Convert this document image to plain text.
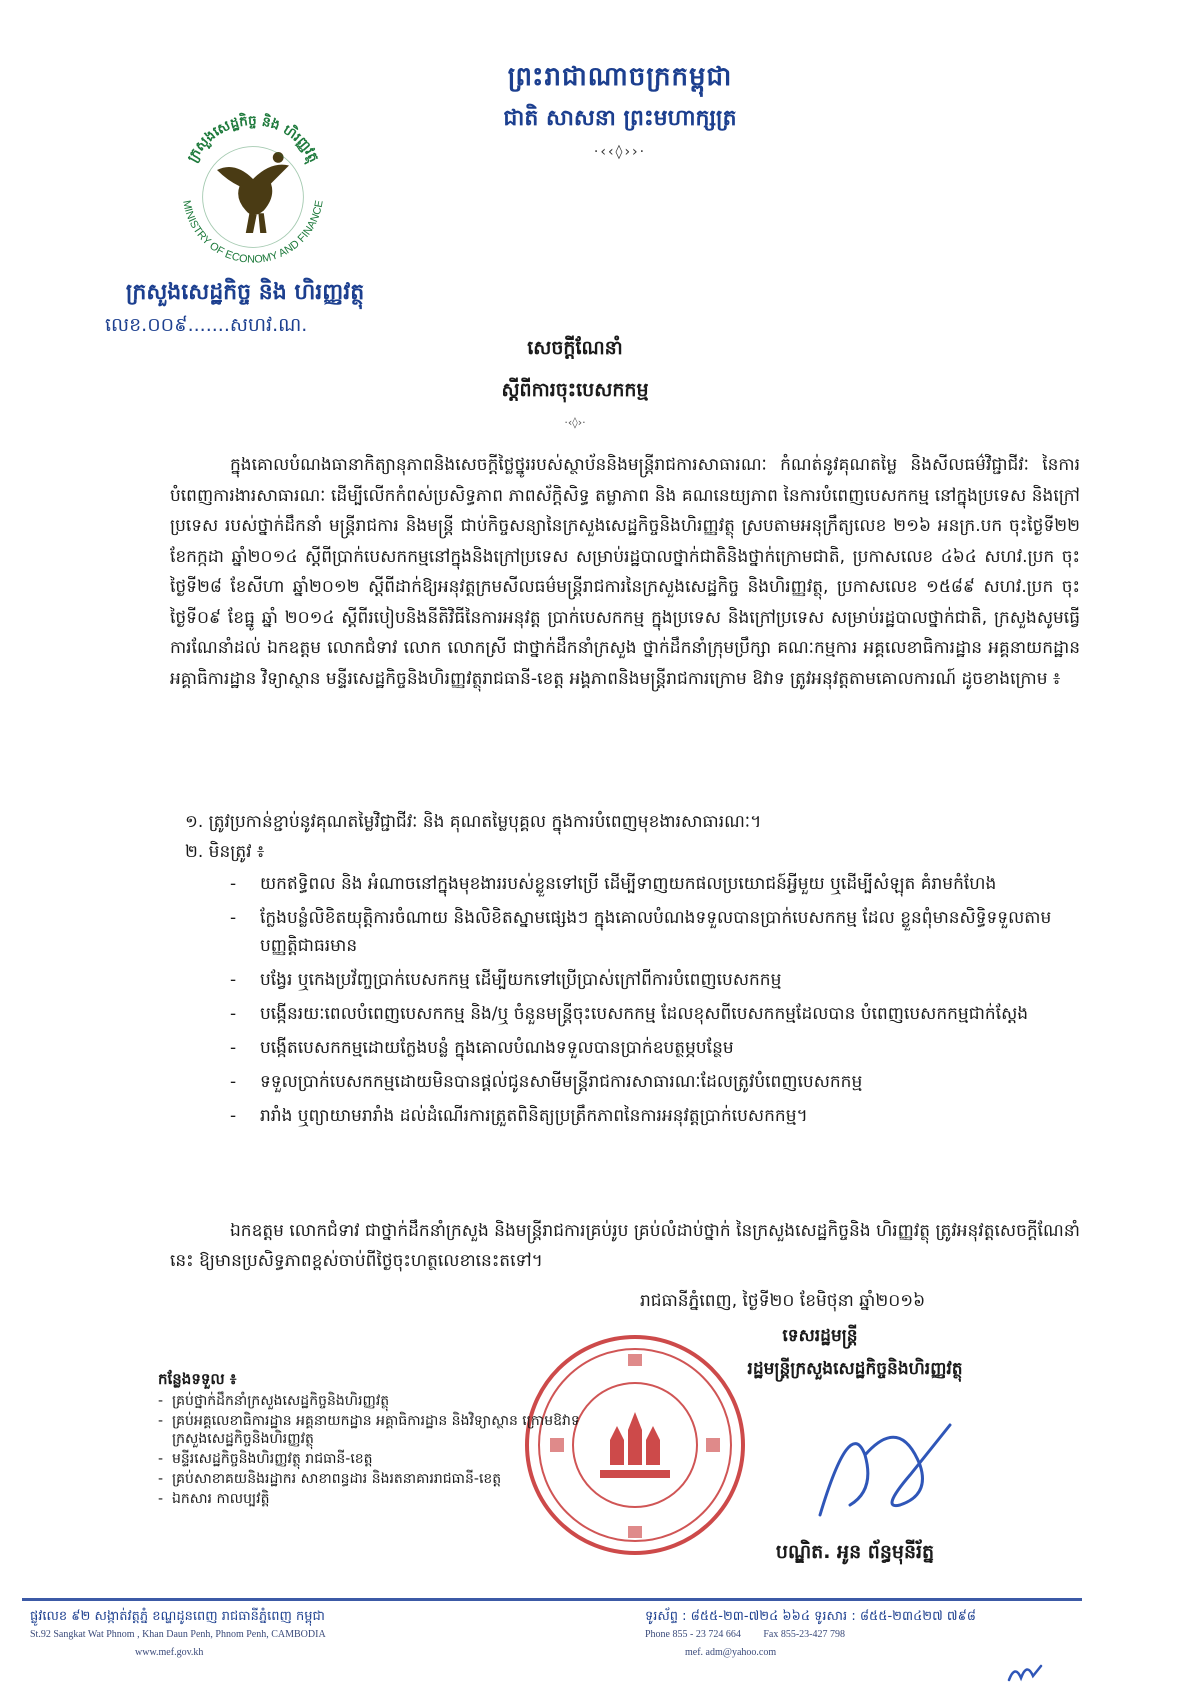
ក្រសួងសេដ្ឋកិច្ច និង ហិរញ្ញវត្ថុ
MINISTRY OF ECONOMY AND FINANCE
ក្រសួងសេដ្ឋកិច្ច និង ហិរញ្ញវត្ថុ
លេខ.០០៩.......សហវ.ណ.
ព្រះរាជាណាចក្រកម្ពុជា
ជាតិ សាសនា ព្រះមហាក្សត្រ
·‹‹◊››·
សេចក្តីណែនាំ
ស្តីពីការចុះបេសកកម្ម
·‹◊›·
ក្នុងគោលបំណងធានាកិត្យានុភាពនិងសេចក្តីថ្លៃថ្នូររបស់ស្ថាប័ននិងមន្ត្រីរាជការសាធារណៈ កំណត់នូវគុណតម្លៃ និងសីលធម៌វិជ្ជាជីវៈ នៃការបំពេញការងារសាធារណៈ ដើម្បីលើកកំពស់ប្រសិទ្ធភាព ភាពស័ក្តិសិទ្ធ តម្លាភាព និង គណនេយ្យភាព នៃការបំពេញបេសកកម្ម នៅក្នុងប្រទេស និងក្រៅប្រទេស របស់ថ្នាក់ដឹកនាំ មន្ត្រីរាជការ និងមន្ត្រី ជាប់កិច្ចសន្យានៃក្រសួងសេដ្ឋកិច្ចនិងហិរញ្ញវត្ថុ ស្របតាមអនុក្រឹត្យលេខ ២១៦ អនក្រ.បក ចុះថ្ងៃទី២២ ខែកក្កដា ឆ្នាំ២០១៤ ស្តីពីប្រាក់បេសកកម្មនៅក្នុងនិងក្រៅប្រទេស សម្រាប់រដ្ឋបាលថ្នាក់ជាតិនិងថ្នាក់ក្រោមជាតិ, ប្រកាសលេខ ៤៦៤ សហវ.ប្រក ចុះថ្ងៃទី២៨ ខែសីហា ឆ្នាំ២០១២ ស្តីពីដាក់ឱ្យអនុវត្តក្រមសីលធម៌មន្ត្រីរាជការនៃក្រសួងសេដ្ឋកិច្ច និងហិរញ្ញវត្ថុ, ប្រកាសលេខ ១៥៨៩ សហវ.ប្រក ចុះថ្ងៃទី០៩ ខែធ្នូ ឆ្នាំ ២០១៤ ស្តីពីរបៀបនិងនីតិវិធីនៃការអនុវត្ត ប្រាក់បេសកកម្ម ក្នុងប្រទេស និងក្រៅប្រទេស សម្រាប់រដ្ឋបាលថ្នាក់ជាតិ, ក្រសួងសូមធ្វើការណែនាំដល់ ឯកឧត្តម លោកជំទាវ លោក លោកស្រី ជាថ្នាក់ដឹកនាំក្រសួង ថ្នាក់ដឹកនាំក្រុមប្រឹក្សា គណៈកម្មការ អគ្គលេខាធិការដ្ឋាន អគ្គនាយកដ្ឋាន អគ្គាធិការដ្ឋាន វិទ្យាស្ថាន មន្ទីរសេដ្ឋកិច្ចនិងហិរញ្ញវត្ថុរាជធានី-ខេត្ត អង្គភាពនិងមន្ត្រីរាជការក្រោម ឱវាទ ត្រូវអនុវត្តតាមគោលការណ៍ ដូចខាងក្រោម ៖
១. ត្រូវប្រកាន់ខ្ជាប់នូវគុណតម្លៃវិជ្ជាជីវៈ និង គុណតម្លៃបុគ្គល ក្នុងការបំពេញមុខងារសាធារណៈ។
២. មិនត្រូវ ៖
- យកឥទ្ធិពល និង អំណាចនៅក្នុងមុខងាររបស់ខ្លួនទៅប្រើ ដើម្បីទាញយកផលប្រយោជន៍អ្វីមួយ ឬដើម្បីសំឡុត គំរាមកំហែង
- ក្លែងបន្លំលិខិតយុត្តិការចំណាយ និងលិខិតស្នាមផ្សេងៗ ក្នុងគោលបំណងទទួលបានប្រាក់បេសកកម្ម ដែល ខ្លួនពុំមានសិទ្ធិទទួលតាមបញ្ញត្តិជាធរមាន
- បង្វែរ ឬកេងប្រវ័ញ្ចប្រាក់បេសកកម្ម ដើម្បីយកទៅប្រើប្រាស់ក្រៅពីការបំពេញបេសកកម្ម
- បង្កើនរយៈពេលបំពេញបេសកកម្ម និង/ឬ ចំនួនមន្ត្រីចុះបេសកកម្ម ដែលខុសពីបេសកកម្មដែលបាន បំពេញបេសកកម្មជាក់ស្តែង
- បង្កើតបេសកកម្មដោយក្លែងបន្លំ ក្នុងគោលបំណងទទួលបានប្រាក់ឧបត្ថម្ភបន្ថែម
- ទទួលប្រាក់បេសកកម្មដោយមិនបានផ្តល់ជូនសាមីមន្ត្រីរាជការសាធារណៈដែលត្រូវបំពេញបេសកកម្ម
- រារាំង ឬព្យាយាមរារាំង ដល់ដំណើរការត្រួតពិនិត្យប្រត្រឹកភាពនៃការអនុវត្តប្រាក់បេសកកម្ម។
ឯកឧត្តម លោកជំទាវ ជាថ្នាក់ដឹកនាំក្រសួង និងមន្ត្រីរាជការគ្រប់រូប គ្រប់លំដាប់ថ្នាក់ នៃក្រសួងសេដ្ឋកិច្ចនិង ហិរញ្ញវត្ថុ ត្រូវអនុវត្តសេចក្តីណែនាំនេះ ឱ្យមានប្រសិទ្ធភាពខ្ពស់ចាប់ពីថ្ងៃចុះហត្ថលេខានេះតទៅ។
រាជធានីភ្នំពេញ, ថ្ងៃទី២០ ខែមិថុនា ឆ្នាំ២០១៦
ទេសរដ្ឋមន្ត្រី
រដ្ឋមន្ត្រីក្រសួងសេដ្ឋកិច្ចនិងហិរញ្ញវត្ថុ
បណ្ឌិត. អូន ព័ន្ធមុនីរ័ត្ន
កន្លែងទទួល ៖
- គ្រប់ថ្នាក់ដឹកនាំក្រសួងសេដ្ឋកិច្ចនិងហិរញ្ញវត្ថុ
- គ្រប់អគ្គលេខាធិការដ្ឋាន អគ្គនាយកដ្ឋាន អគ្គាធិការដ្ឋាន និងវិទ្យាស្ថាន ក្រោមឱវាទក្រសួងសេដ្ឋកិច្ចនិងហិរញ្ញវត្ថុ
- មន្ទីរសេដ្ឋកិច្ចនិងហិរញ្ញវត្ថុ រាជធានី-ខេត្ត
- គ្រប់សាខាគយនិងរដ្ឋាករ សាខាពន្ធដារ និងរតនាគាររាជធានី-ខេត្ត
- ឯកសារ កាលប្បវត្តិ
ផ្លូវលេខ ៩២ សង្កាត់វត្តភ្នំ ខណ្ឌដូនពេញ រាជធានីភ្នំពេញ កម្ពុជា
St.92 Sangkat Wat Phnom , Khan Daun Penh, Phnom Penh, CAMBODIA
www.mef.gov.kh
ទូរស័ព្ទ : ៨៥៥-២៣-៧២៤ ៦៦៤ ទូរសារ : ៨៥៥-២៣៤២៧ ៧៩៨
Phone 855 - 23 724 664 Fax 855-23-427 798
mef. adm@yahoo.com
